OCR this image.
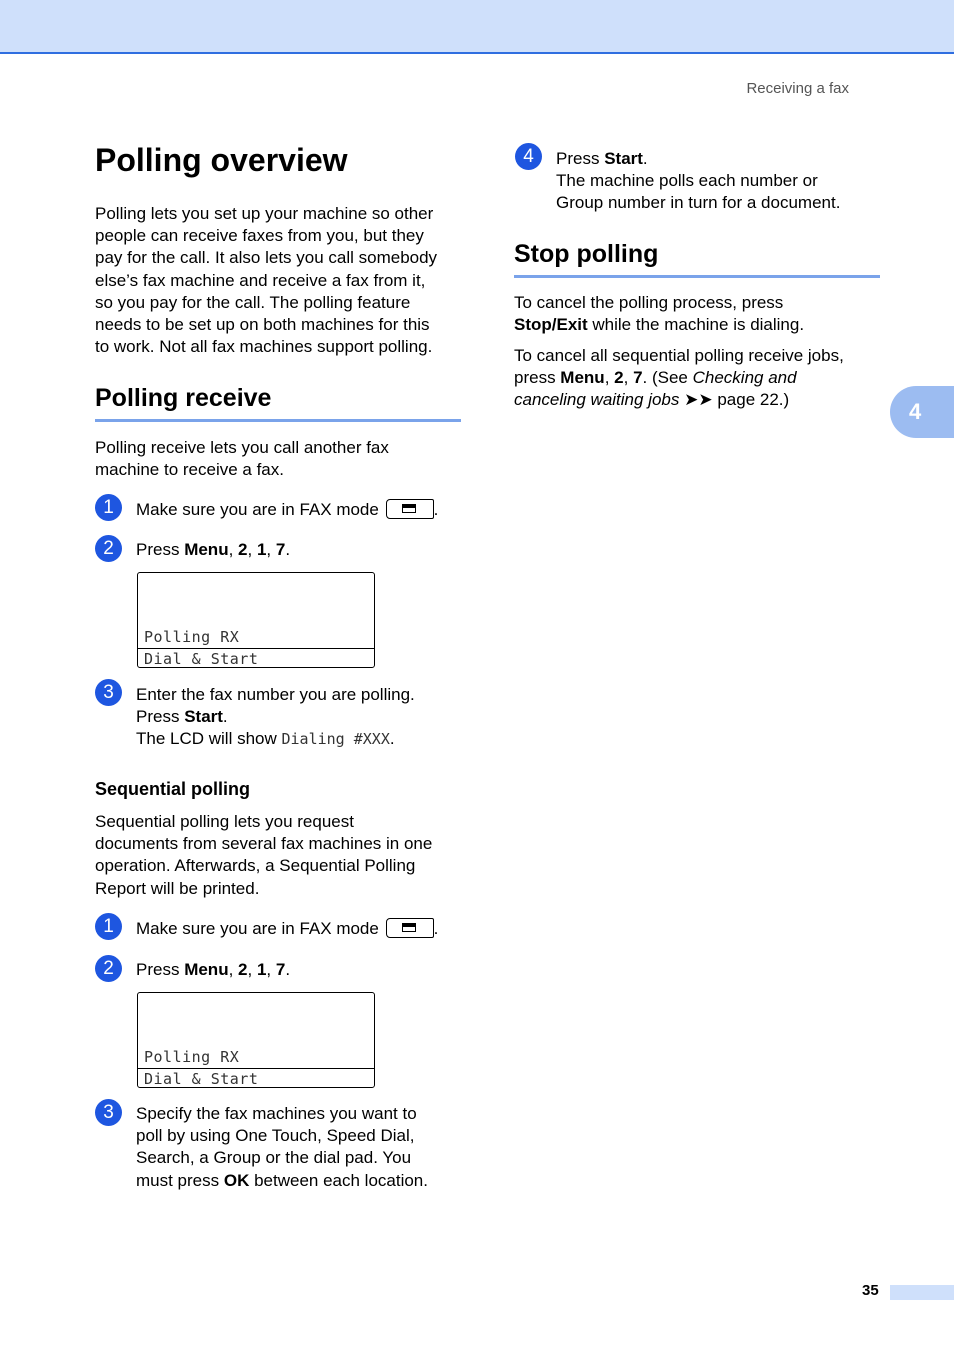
Receiving a fax
Polling overview
Polling lets you set up your machine so other
people can receive faxes from you, but they
pay for the call. It also lets you call somebody
else’s fax machine and receive a fax from it,
so you pay for the call. The polling feature
needs to be set up on both machines for this
to work. Not all fax machines support polling.
Polling receive
Polling receive lets you call another fax
machine to receive a fax.
1	Make sure you are in FAX mode	.
2	Press Menu, 2, 1, 7.
Polling RX
Dial & Start
3	Enter the fax number you are polling.
Press Start.
The LCD will show Dialing #XXX.
Sequential polling
Sequential polling lets you request
documents from several fax machines in one
operation. Afterwards, a Sequential Polling
Report will be printed.
1	Make sure you are in FAX mode	.
2	Press Menu, 2, 1, 7.
Polling RX
Dial & Start
3	Specify the fax machines you want to
poll by using One Touch, Speed Dial,
Search, a Group or the dial pad. You
must press OK between each location.
4	Press Start.
The machine polls each number or
Group number in turn for a document.
Stop polling
To cancel the polling process, press
Stop/Exit while the machine is dialing.
To cancel all sequential polling receive jobs,
press Menu, 2, 7. (See Checking and
canceling waiting jobs ➤➤ page 22.)	4
35
